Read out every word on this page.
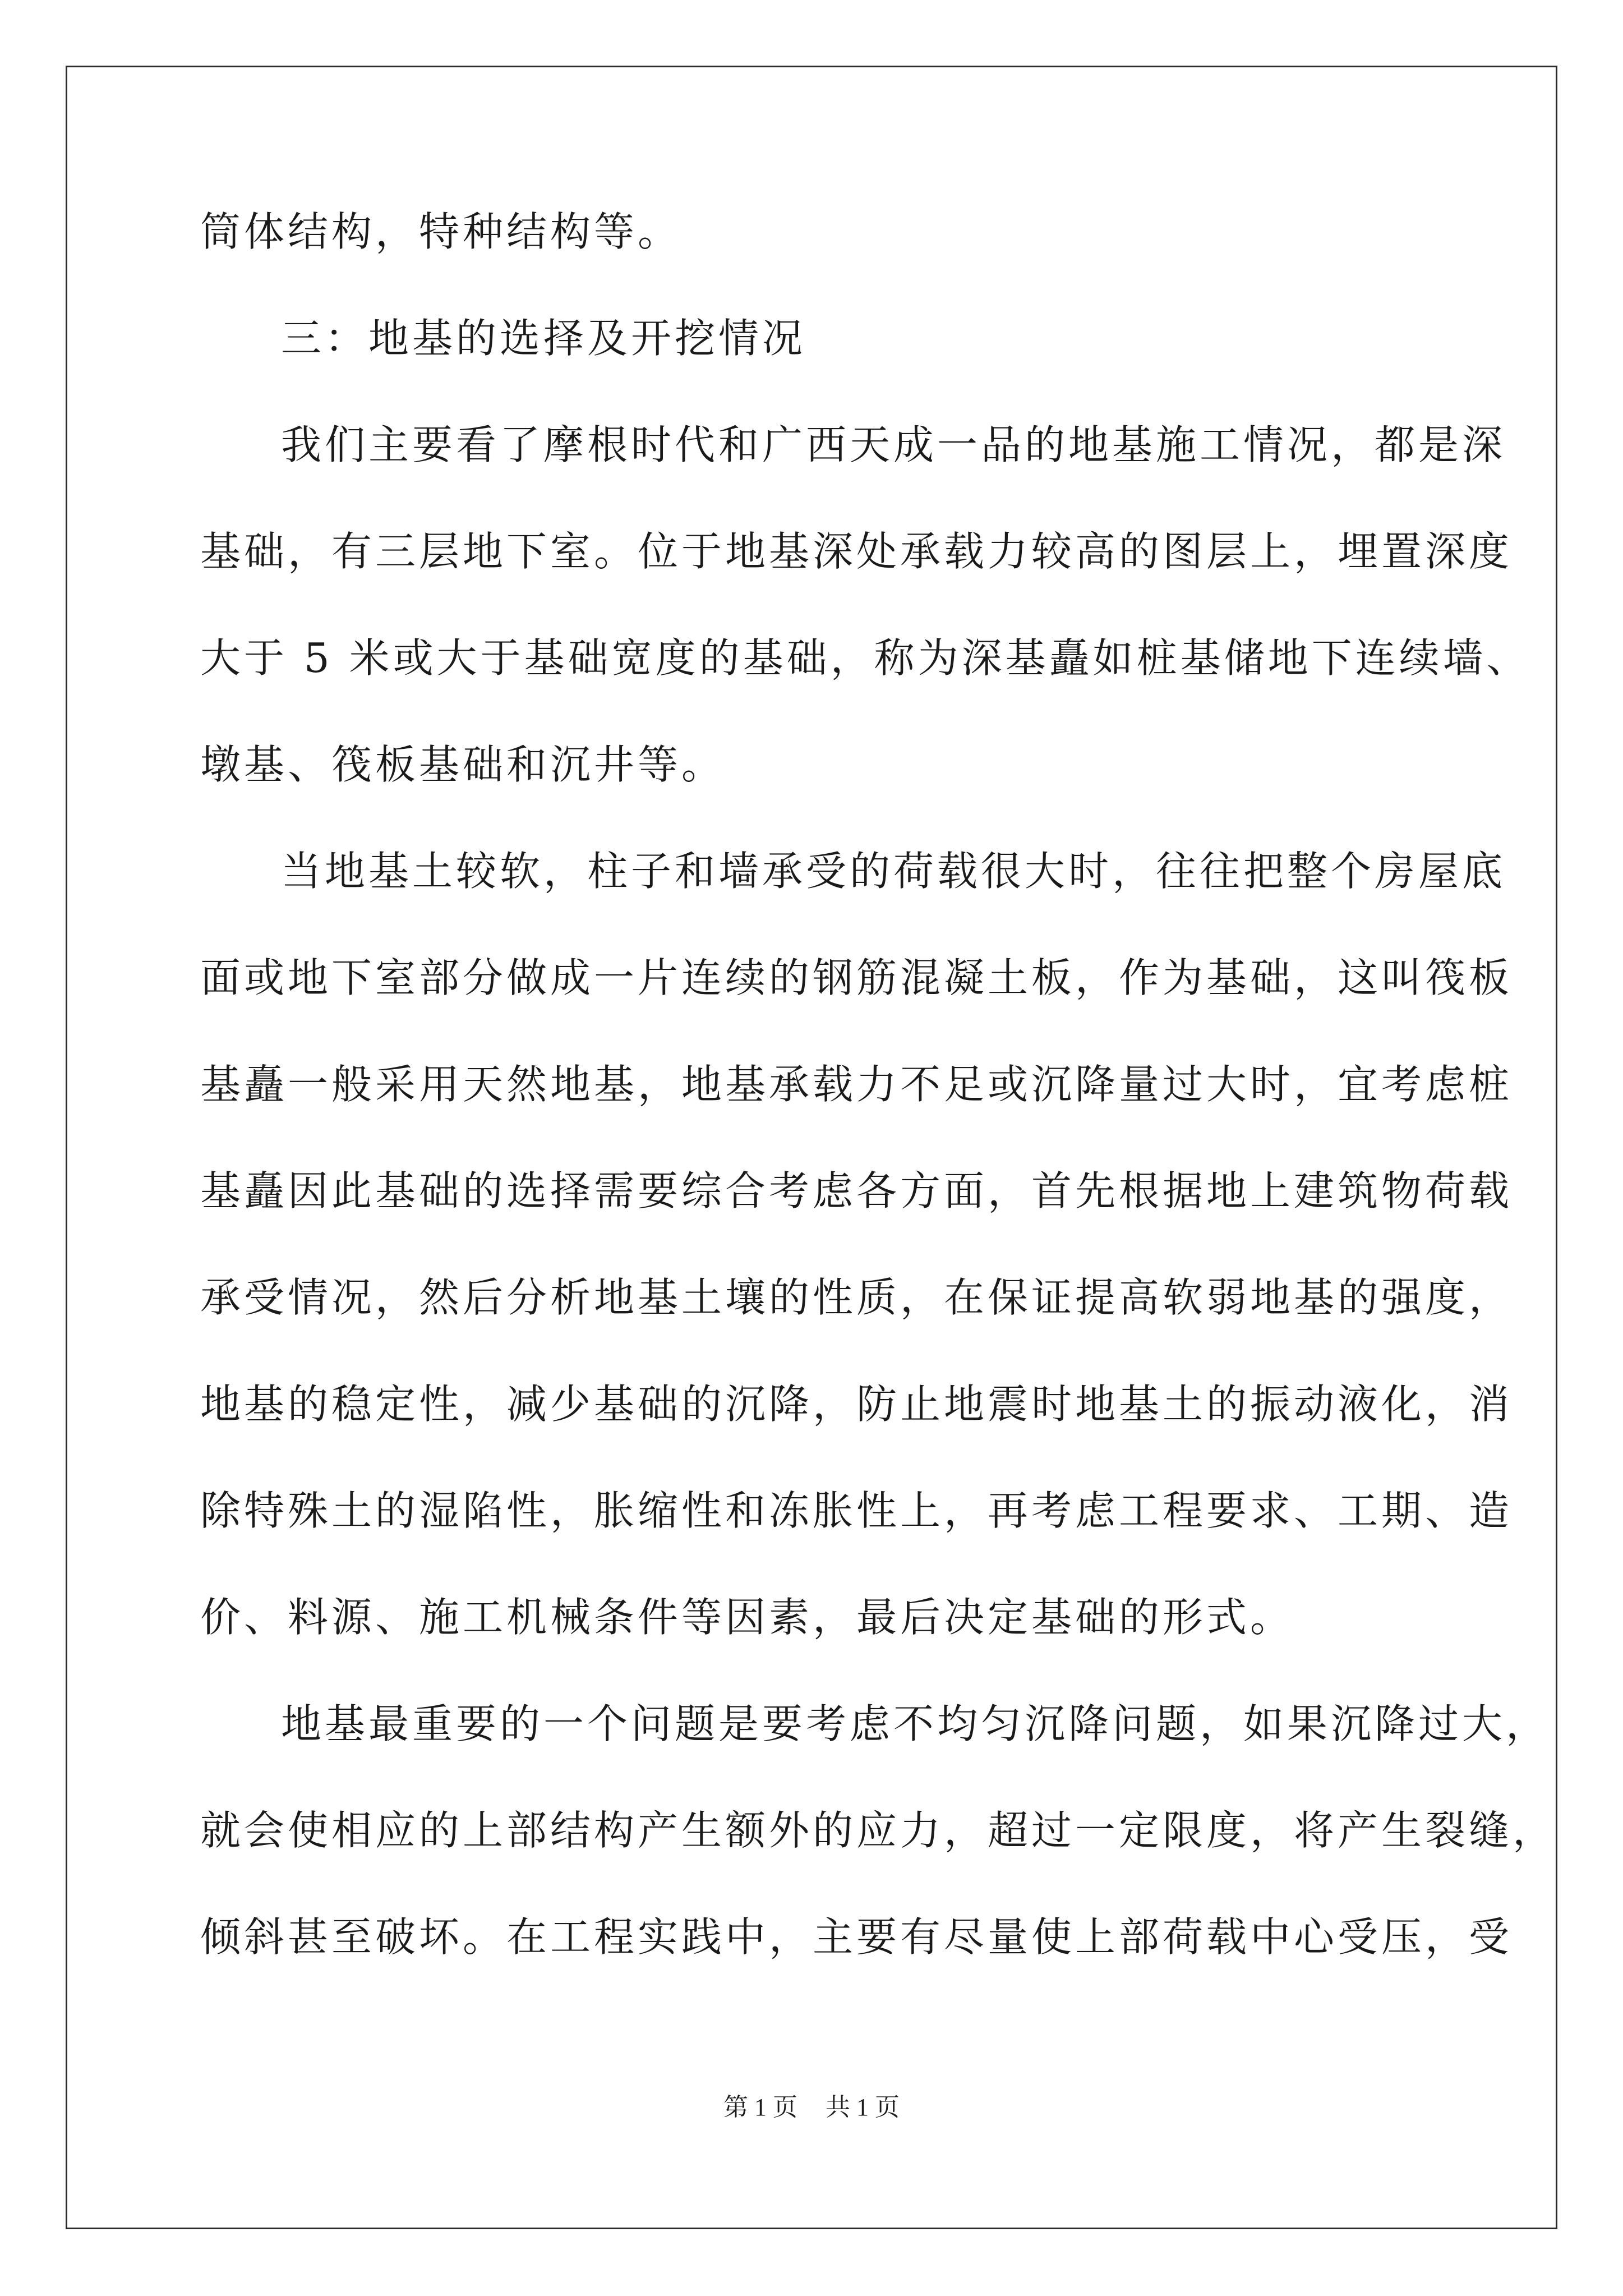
筒体结构，特种结构等。
三：地基的选择及开挖情况
我们主要看了摩根时代和广西天成一品的地基施工情况，都是深
基础，有三层地下室。位于地基深处承载力较高的图层上，埋置深度
大于 5 米或大于基础宽度的基础，称为深基矗如桩基储地下连续墙、
墩基、筏板基础和沉井等。
当地基土较软，柱子和墙承受的荷载很大时，往往把整个房屋底
面或地下室部分做成一片连续的钢筋混凝土板，作为基础，这叫筏板
基矗一般采用天然地基，地基承载力不足或沉降量过大时，宜考虑桩
基矗因此基础的选择需要综合考虑各方面，首先根据地上建筑物荷载
承受情况，然后分析地基土壤的性质，在保证提高软弱地基的强度，
地基的稳定性，减少基础的沉降，防止地震时地基土的振动液化，消
除特殊土的湿陷性，胀缩性和冻胀性上，再考虑工程要求、工期、造
价、料源、施工机械条件等因素，最后决定基础的形式。
地基最重要的一个问题是要考虑不均匀沉降问题，如果沉降过大，
就会使相应的上部结构产生额外的应力，超过一定限度，将产生裂缝，
倾斜甚至破坏。在工程实践中，主要有尽量使上部荷载中心受压，受
第 1 页 共 1 页
